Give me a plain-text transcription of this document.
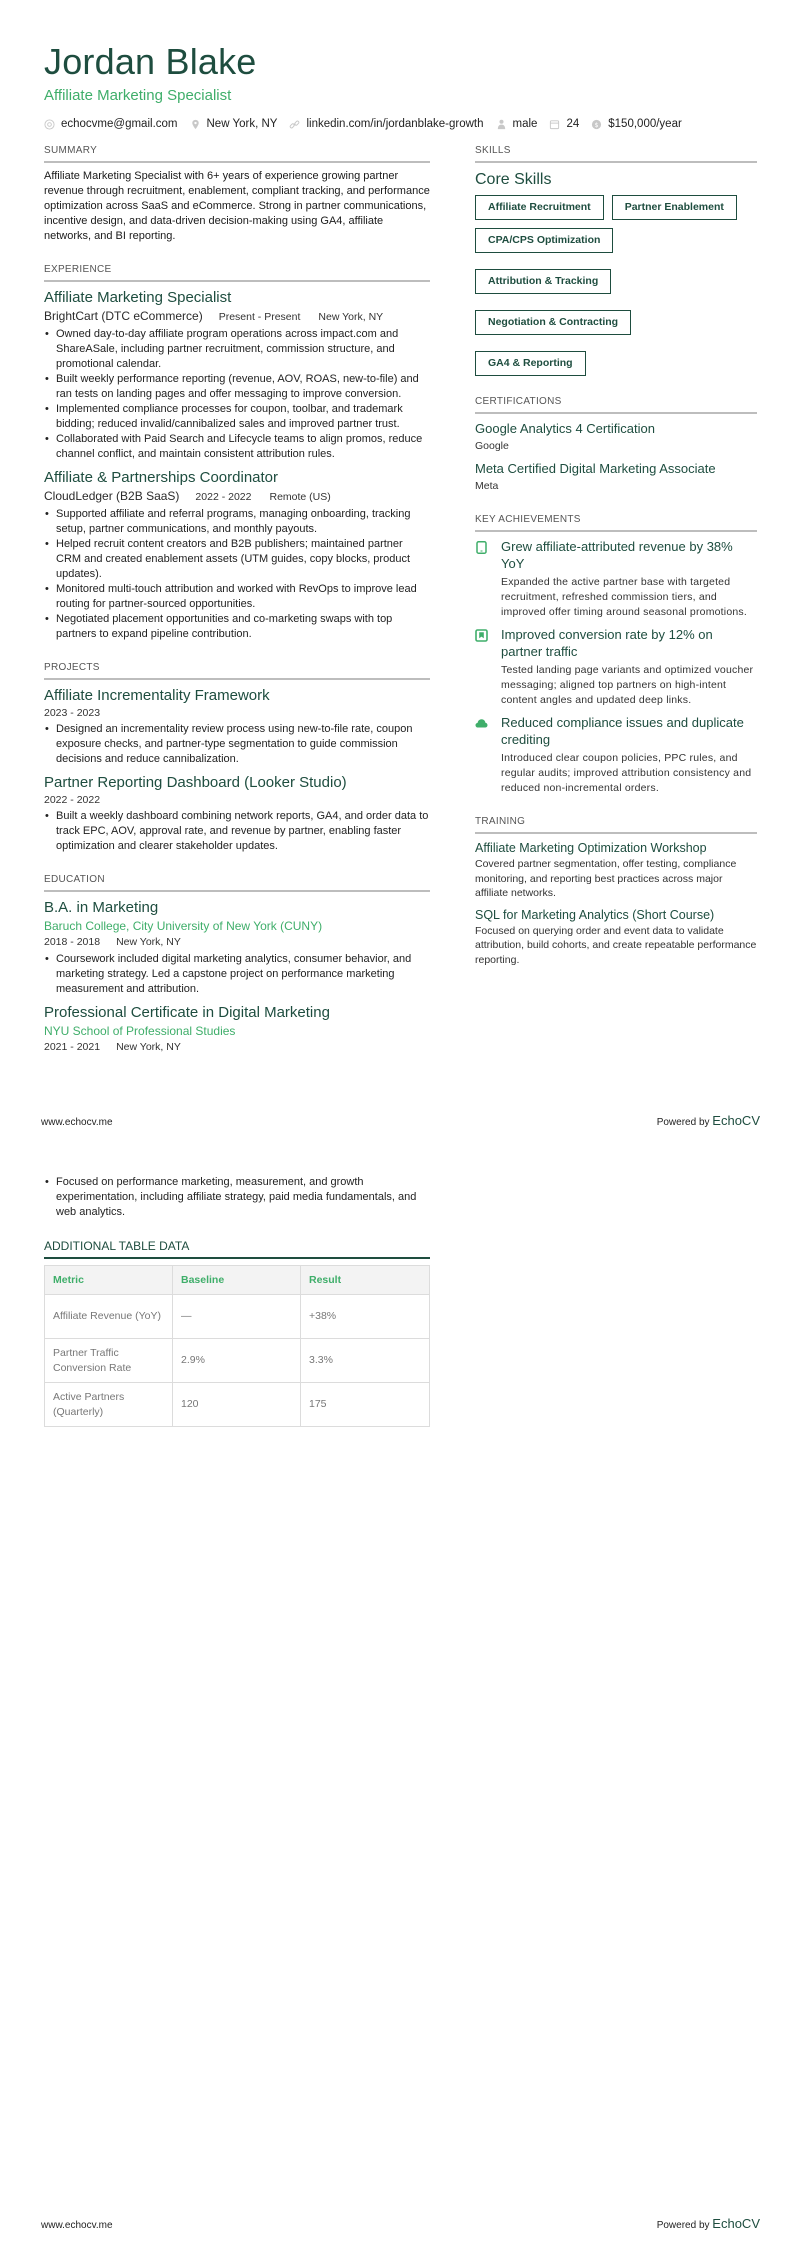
Jordan Blake
Affiliate Marketing Specialist
echocvme@gmail.com	New York, NY	linkedin.com/in/jordanblake-growth	male	24 $ $150,000/year
SUMMARY
Affiliate Marketing Specialist with 6+ years of experience growing partner revenue through recruitment, enablement, compliant tracking, and performance optimization across SaaS and eCommerce. Strong in partner communications, incentive design, and data-driven decision-making using GA4, affiliate networks, and BI reporting.
EXPERIENCE
Affiliate Marketing Specialist
BrightCart (DTC eCommerce) Present - Present New York, NY
• Owned day-to-day affiliate program operations across impact.com and ShareASale, including partner recruitment, commission structure, and promotional calendar.
• Built weekly performance reporting (revenue, AOV, ROAS, new-to-file) and ran tests on landing pages and offer messaging to improve conversion.
• Implemented compliance processes for coupon, toolbar, and trademark bidding; reduced invalid/cannibalized sales and improved partner trust.
• Collaborated with Paid Search and Lifecycle teams to align promos, reduce channel conflict, and maintain consistent attribution rules.
Affiliate & Partnerships Coordinator
CloudLedger (B2B SaaS) 2022 - 2022 Remote (US)
• Supported affiliate and referral programs, managing onboarding, tracking setup, partner communications, and monthly payouts.
• Helped recruit content creators and B2B publishers; maintained partner CRM and created enablement assets (UTM guides, copy blocks, product updates).
• Monitored multi-touch attribution and worked with RevOps to improve lead routing for partner-sourced opportunities.
• Negotiated placement opportunities and co-marketing swaps with top partners to expand pipeline contribution.
PROJECTS
Affiliate Incrementality Framework
2023 - 2023
• Designed an incrementality review process using new-to-file rate, coupon exposure checks, and partner-type segmentation to guide commission decisions and reduce cannibalization.
Partner Reporting Dashboard (Looker Studio)
2022 - 2022
• Built a weekly dashboard combining network reports, GA4, and order data to track EPC, AOV, approval rate, and revenue by partner, enabling faster optimization and clearer stakeholder updates.
EDUCATION
B.A. in Marketing
Baruch College, City University of New York (CUNY)
2018 - 2018 New York, NY
• Coursework included digital marketing analytics, consumer behavior, and marketing strategy. Led a capstone project on performance marketing measurement and attribution.
Professional Certificate in Digital Marketing
NYU School of Professional Studies
2021 - 2021 New York, NY
SKILLS
Core Skills
Affiliate Recruitment	Partner Enablement
CPA/CPS Optimization
Attribution & Tracking
Negotiation & Contracting
GA4 & Reporting
CERTIFICATIONS
Google Analytics 4 Certification
Google
Meta Certified Digital Marketing Associate
Meta
KEY ACHIEVEMENTS
Grew affiliate-attributed revenue by 38% YoY
Expanded the active partner base with targeted recruitment, refreshed commission tiers, and improved offer timing around seasonal promotions.
Improved conversion rate by 12% on partner traffic
Tested landing page variants and optimized voucher messaging; aligned top partners on high-intent content angles and updated deep links.
Reduced compliance issues and duplicate crediting
Introduced clear coupon policies, PPC rules, and regular audits; improved attribution consistency and reduced non-incremental orders.
TRAINING
Affiliate Marketing Optimization Workshop
Covered partner segmentation, offer testing, compliance monitoring, and reporting best practices across major affiliate networks.
SQL for Marketing Analytics (Short Course)
Focused on querying order and event data to validate attribution, build cohorts, and create repeatable performance reporting.
www.echocv.me	Powered by EchoCV
• Focused on performance marketing, measurement, and growth experimentation, including affiliate strategy, paid media fundamentals, and web analytics.
ADDITIONAL TABLE DATA
Metric	Baseline	Result
Affiliate Revenue (YoY)	—	+38%
Partner Traffic Conversion Rate	2.9%	3.3%
Active Partners (Quarterly)	120	175
www.echocv.me	Powered by EchoCV
